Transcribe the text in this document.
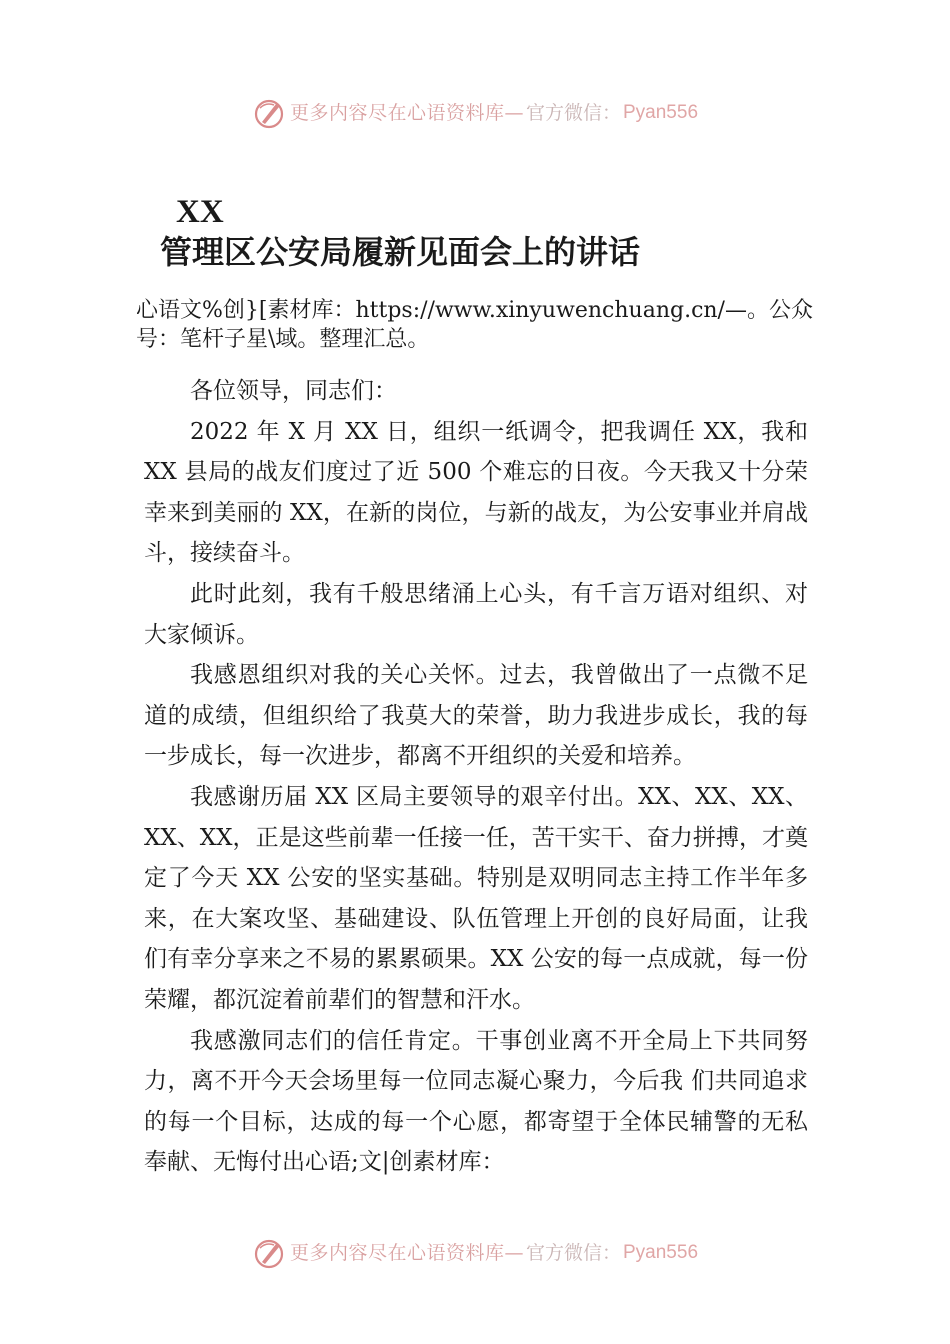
更多内容尽在心语资料库— 官方微信： Pyan556
XX
管理区公安局履新见面会上的讲话
心语文%创}[素材库：https://www.xinyuwenchuang.cn/—。公众号：笔杆子星\域。整理汇总。

各位领导，同志们：

2022 年 X 月 XX 日，组织一纸调令，把我调任 XX，我和 XX 县局的战友们度过了近 500 个难忘的日夜。今天我又十分荣幸来到美丽的 XX，在新的岗位，与新的战友，为公安事业并肩战斗，接续奋斗。

此时此刻，我有千般思绪涌上心头，有千言万语对组织、对大家倾诉。

我感恩组织对我的关心关怀。过去，我曾做出了一点微不足道的成绩，但组织给了我莫大的荣誉，助力我进步成长，我的每一步成长，每一次进步，都离不开组织的关爱和培养。

我感谢历届 XX 区局主要领导的艰辛付出。XX、XX、XX、XX、XX，正是这些前辈一任接一任，苦干实干、奋力拼搏，才奠定了今天 XX 公安的坚实基础。特别是双明同志主持工作半年多来，在大案攻坚、基础建设、队伍管理上开创的良好局面，让我们有幸分享来之不易的累累硕果。XX 公安的每一点成就，每一份荣耀，都沉淀着前辈们的智慧和汗水。

我感激同志们的信任肯定。干事创业离不开全局上下共同努力，离不开今天会场里每一位同志凝心聚力，今后我 们共同追求的每一个目标，达成的每一个心愿，都寄望于全体民辅警的无私奉献、无悔付出心语;文|创素材库：

更多内容尽在心语资料库— 官方微信： Pyan556
